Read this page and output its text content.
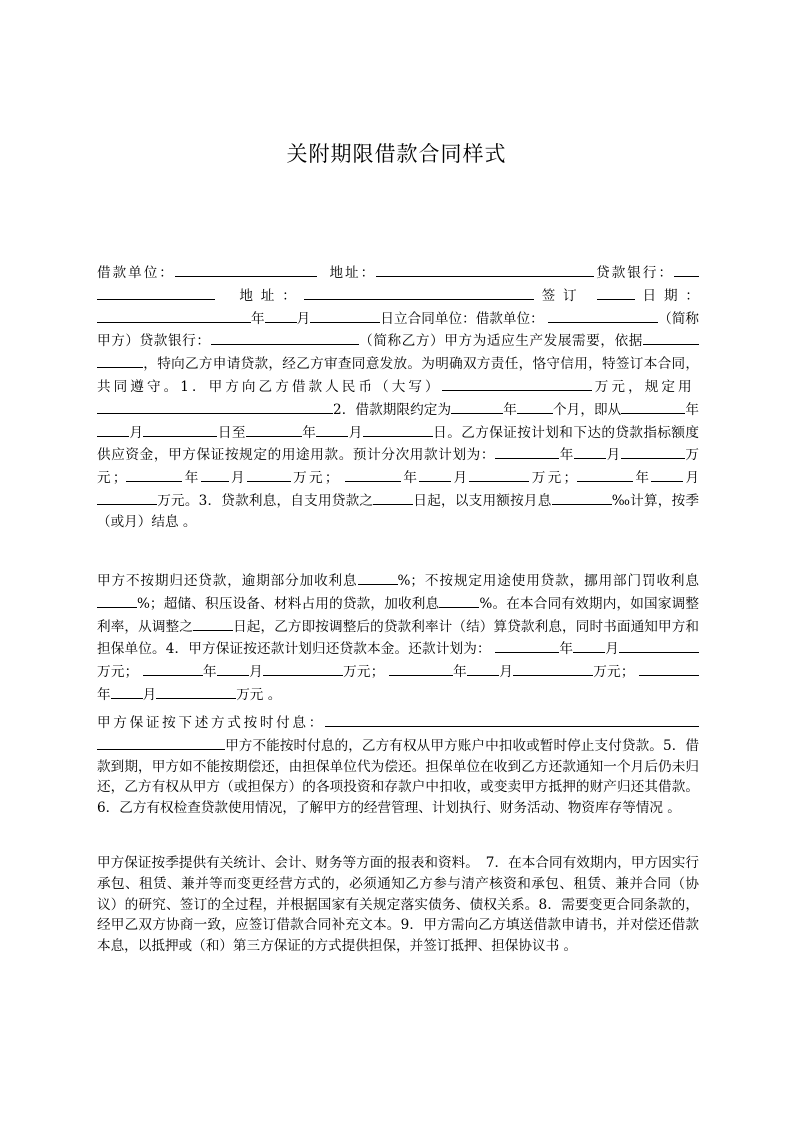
关附期限借款合同样式
借款单位：	地址：	贷款银行：  地址：	签订	日期：年 月	日立合同单位：借款单位：	（简称甲方）贷款银行：	（简称乙方）甲方为适应生产发展需要，依据，特向乙方申请贷款，经乙方审查同意发放。为明确双方责任，恪守信用，特签订本合同，共同遵守。1．甲方向乙方借款人民币（大写）	万元，规定用 2．借款期限约定为	年	个月，即从	年月	日至	年 月	日。乙方保证按计划和下达的贷款指标额度供应资金，甲方保证按规定的用途用款。预计分次用款计划为：	年 月	万元；	年 月	万元；	年 月	万元；	年 月万元。3．贷款利息，自支用贷款之	日起，以支用额按月息	‰计算，按季（或月）结息 。
甲方不按期归还贷款，逾期部分加收利息	%；不按规定用途使用贷款，挪用部门罚收利息%；超储、积压设备、材料占用的贷款，加收利息	%。在本合同有效期内，如国家调整利率，从调整之	日起，乙方即按调整后的贷款利率计（结）算贷款利息，同时书面通知甲方和担保单位。4．甲方保证按还款计划归还贷款本金。还款计划为：	年 月万元；	年 月	万元；	年 月	万元； 年 月	万元 。
甲方保证按下述方式按时付息：甲方不能按时付息的，乙方有权从甲方账户中扣收或暂时停止支付贷款。5．借款到期，甲方如不能按期偿还，由担保单位代为偿还。担保单位在收到乙方还款通知一个月后仍未归还，乙方有权从甲方（或担保方）的各项投资和存款户中扣收，或变卖甲方抵押的财产归还其借款。6．乙方有权检查贷款使用情况，了解甲方的经营管理、计划执行、财务活动、物资库存等情况 。
甲方保证按季提供有关统计、会计、财务等方面的报表和资料。　7．在本合同有效期内，甲方因实行承包、租赁、兼并等而变更经营方式的，必须通知乙方参与清产核资和承包、租赁、兼并合同（协议）的研究、签订的全过程，并根据国家有关规定落实债务、债权关系。8．需要变更合同条款的，经甲乙双方协商一致，应签订借款合同补充文本。9．甲方需向乙方填送借款申请书，并对偿还借款本息，以抵押或（和）第三方保证的方式提供担保，并签订抵押、担保协议书 。
